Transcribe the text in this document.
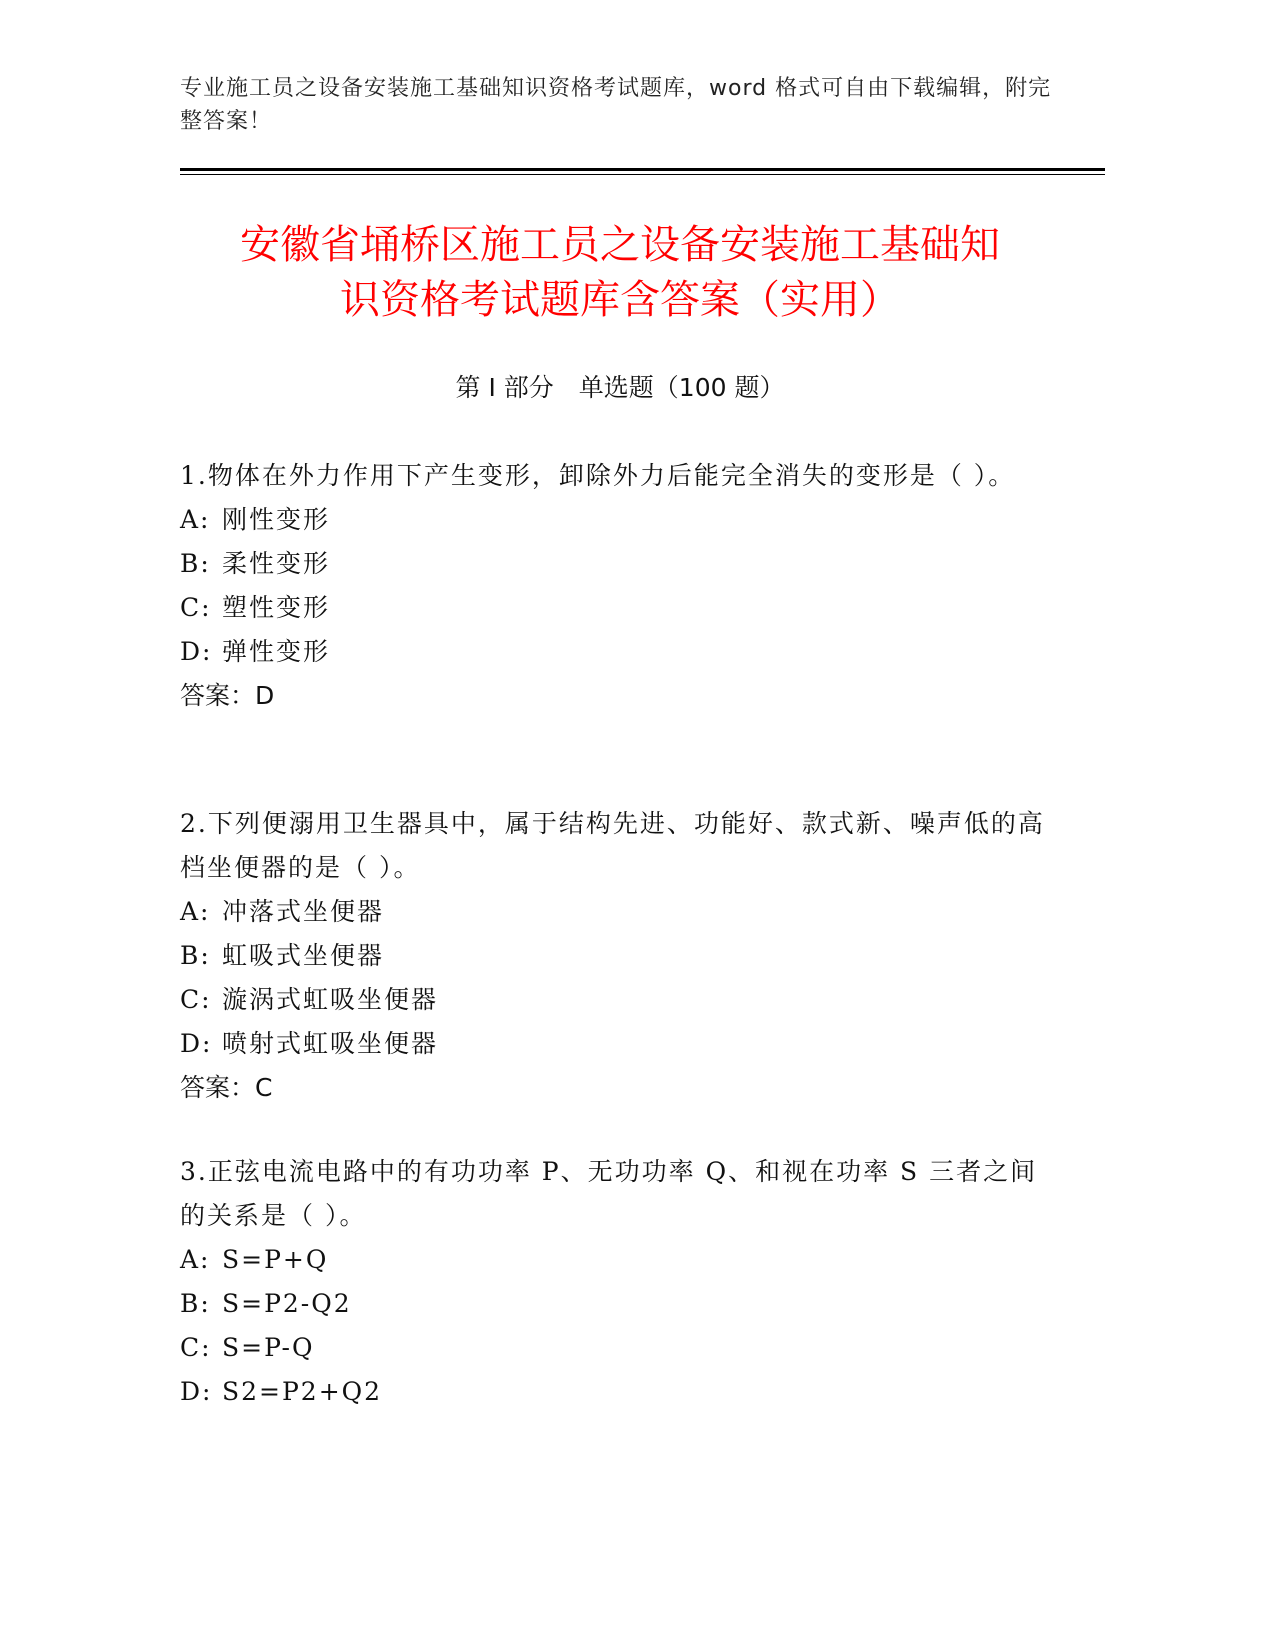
专业施工员之设备安装施工基础知识资格考试题库，word 格式可自由下载编辑，附完整答案！
安徽省埇桥区施工员之设备安装施工基础知
识资格考试题库含答案（实用）
第 I 部分　单选题（100 题）

1.物体在外力作用下产生变形，卸除外力后能完全消失的变形是（ ）。

A: 刚性变形

B: 柔性变形

C: 塑性变形

D: 弹性变形

答案：D

2.下列便溺用卫生器具中，属于结构先进、功能好、款式新、噪声低的高档坐便器的是（ ）。

A: 冲落式坐便器

B: 虹吸式坐便器

C: 漩涡式虹吸坐便器

D: 喷射式虹吸坐便器

答案：C

3.正弦电流电路中的有功功率 P、无功功率 Q、和视在功率 S 三者之间的关系是（ ）。

A: S=P+Q

B: S=P2-Q2

C: S=P-Q

D: S2=P2+Q2
